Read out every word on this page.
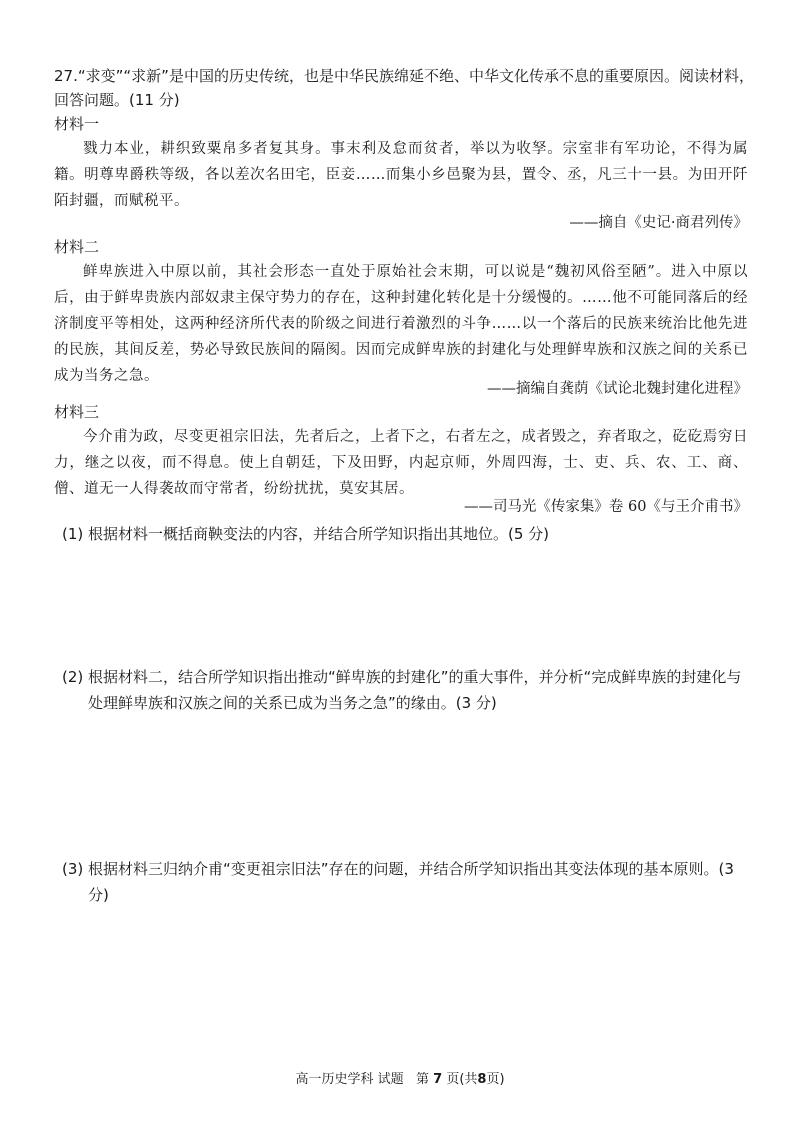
27.“求变”“求新”是中国的历史传统，也是中华民族绵延不绝、中华文化传承不息的重要原因。阅读材料，回答问题。(11 分)
材料一
戮力本业，耕织致粟帛多者复其身。事末利及怠而贫者，举以为收孥。宗室非有军功论，不得为属籍。明尊卑爵秩等级，各以差次名田宅，臣妾……而集小乡邑聚为县，置令、丞，凡三十一县。为田开阡陌封疆，而赋税平。
——摘自《史记·商君列传》
材料二
鲜卑族进入中原以前，其社会形态一直处于原始社会末期，可以说是“魏初风俗至陋”。进入中原以后，由于鲜卑贵族内部奴隶主保守势力的存在，这种封建化转化是十分缓慢的。……他不可能同落后的经济制度平等相处，这两种经济所代表的阶级之间进行着激烈的斗争……以一个落后的民族来统治比他先进的民族，其间反差，势必导致民族间的隔阂。因而完成鲜卑族的封建化与处理鲜卑族和汉族之间的关系已成为当务之急。
——摘编自龚荫《试论北魏封建化进程》
材料三
今介甫为政，尽变更祖宗旧法，先者后之，上者下之，右者左之，成者毁之，弃者取之，矻矻焉穷日力，继之以夜，而不得息。使上自朝廷，下及田野，内起京师，外周四海，士、吏、兵、农、工、商、僧、道无一人得袭故而守常者，纷纷扰扰，莫安其居。
——司马光《传家集》卷 60《与王介甫书》
(1) 根据材料一概括商鞅变法的内容，并结合所学知识指出其地位。(5 分)
(2) 根据材料二，结合所学知识指出推动“鲜卑族的封建化”的重大事件，并分析“完成鲜卑族的封建化与处理鲜卑族和汉族之间的关系已成为当务之急”的缘由。(3 分)
(3) 根据材料三归纳介甫“变更祖宗旧法”存在的问题，并结合所学知识指出其变法体现的基本原则。(3 分)
高一历史学科 试题 第 7 页(共8页)
